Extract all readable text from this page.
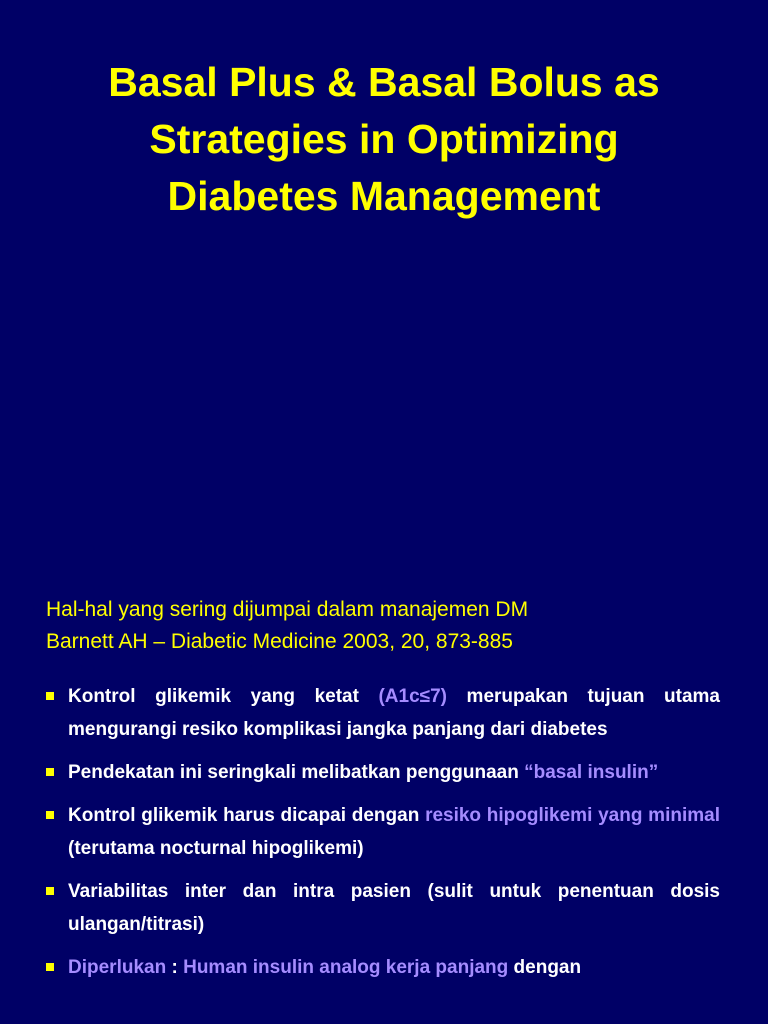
Basal Plus & Basal Bolus as
Strategies in Optimizing
Diabetes Management

Hal-hal yang sering dijumpai dalam manajemen DM
Barnett AH – Diabetic Medicine 2003, 20, 873-885

Kontrol glikemik yang ketat (A1c≤7) merupakan tujuan utama mengurangi resiko komplikasi jangka panjang dari diabetes
Pendekatan ini seringkali melibatkan penggunaan “basal insulin”
Kontrol glikemik harus dicapai dengan resiko hipoglikemi yang minimal (terutama nocturnal hipoglikemi)
Variabilitas inter dan intra pasien (sulit untuk penentuan dosis ulangan/titrasi)
Diperlukan : Human insulin analog kerja panjang dengan
